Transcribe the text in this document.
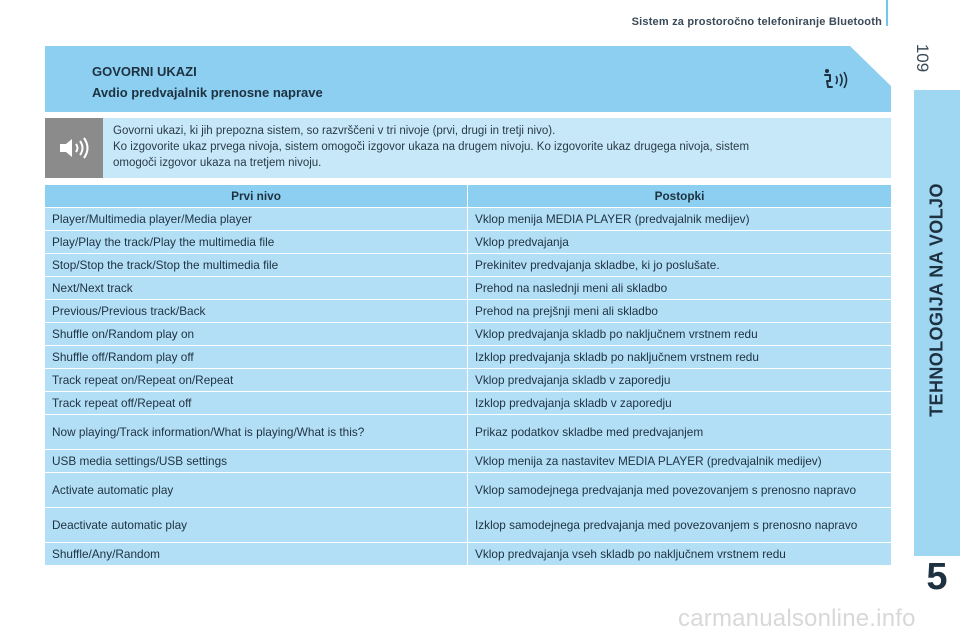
Sistem za prostoročno telefoniranje Bluetooth
109
TEHNOLOGIJA NA VOLJO
5
GOVORNI UKAZI
Avdio predvajalnik prenosne naprave
Govorni ukazi, ki jih prepozna sistem, so razvrščeni v tri nivoje (prvi, drugi in tretji nivo).
Ko izgovorite ukaz prvega nivoja, sistem omogoči izgovor ukaza na drugem nivoju. Ko izgovorite ukaz drugega nivoja, sistem
omogoči izgovor ukaza na tretjem nivoju.
Prvi nivo	Postopki
Player/Multimedia player/Media player	Vklop menija MEDIA PLAYER (predvajalnik medijev)
Play/Play the track/Play the multimedia file	Vklop predvajanja
Stop/Stop the track/Stop the multimedia file	Prekinitev predvajanja skladbe, ki jo poslušate.
Next/Next track	Prehod na naslednji meni ali skladbo
Previous/Previous track/Back	Prehod na prejšnji meni ali skladbo
Shuffle on/Random play on	Vklop predvajanja skladb po naključnem vrstnem redu
Shuffle off/Random play off	Izklop predvajanja skladb po naključnem vrstnem redu
Track repeat on/Repeat on/Repeat	Vklop predvajanja skladb v zaporedju
Track repeat off/Repeat off	Izklop predvajanja skladb v zaporedju
Now playing/Track information/What is playing/What is this?	Prikaz podatkov skladbe med predvajanjem
USB media settings/USB settings	Vklop menija za nastavitev MEDIA PLAYER (predvajalnik medijev)
Activate automatic play	Vklop samodejnega predvajanja med povezovanjem s prenosno napravo
Deactivate automatic play	Izklop samodejnega predvajanja med povezovanjem s prenosno napravo
Shuffle/Any/Random	Vklop predvajanja vseh skladb po naključnem vrstnem redu
carmanualsonline.info
